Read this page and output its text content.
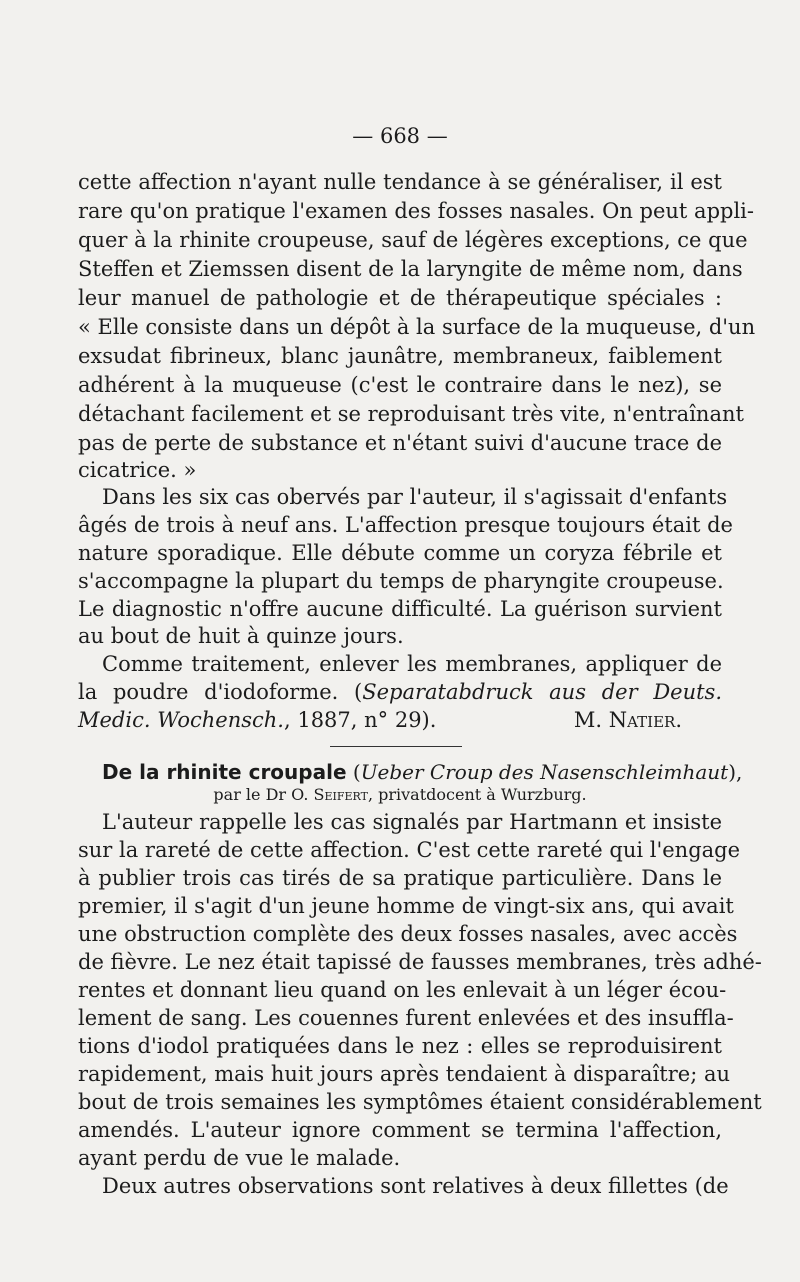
— 668 —
cette affection n'ayant nulle tendance à se généraliser, il est
rare qu'on pratique l'examen des fosses nasales. On peut appli-
quer à la rhinite croupeuse, sauf de légères exceptions, ce que
Steffen et Ziemssen disent de la laryngite de même nom, dans
leur manuel de pathologie et de thérapeutique spéciales :
« Elle consiste dans un dépôt à la surface de la muqueuse, d'un
exsudat fibrineux, blanc jaunâtre, membraneux, faiblement
adhérent à la muqueuse (c'est le contraire dans le nez), se
détachant facilement et se reproduisant très vite, n'entraînant
pas de perte de substance et n'étant suivi d'aucune trace de
cicatrice. »
Dans les six cas obervés par l'auteur, il s'agissait d'enfants
âgés de trois à neuf ans. L'affection presque toujours était de
nature sporadique. Elle débute comme un coryza fébrile et
s'accompagne la plupart du temps de pharyngite croupeuse.
Le diagnostic n'offre aucune difficulté. La guérison survient
au bout de huit à quinze jours.
Comme traitement, enlever les membranes, appliquer de
la poudre d'iodoforme. (Separatabdruck aus der Deuts.
Medic. Wochensch., 1887, n° 29).	M. Natier.
De la rhinite croupale (Ueber Croup des Nasenschleimhaut),
par le Dr O. Seifert, privatdocent à Wurzburg.
L'auteur rappelle les cas signalés par Hartmann et insiste
sur la rareté de cette affection. C'est cette rareté qui l'engage
à publier trois cas tirés de sa pratique particulière. Dans le
premier, il s'agit d'un jeune homme de vingt-six ans, qui avait
une obstruction complète des deux fosses nasales, avec accès
de fièvre. Le nez était tapissé de fausses membranes, très adhé-
rentes et donnant lieu quand on les enlevait à un léger écou-
lement de sang. Les couennes furent enlevées et des insuffla-
tions d'iodol pratiquées dans le nez : elles se reproduisirent
rapidement, mais huit jours après tendaient à disparaître; au
bout de trois semaines les symptômes étaient considérablement
amendés. L'auteur ignore comment se termina l'affection,
ayant perdu de vue le malade.
Deux autres observations sont relatives à deux fillettes (de
